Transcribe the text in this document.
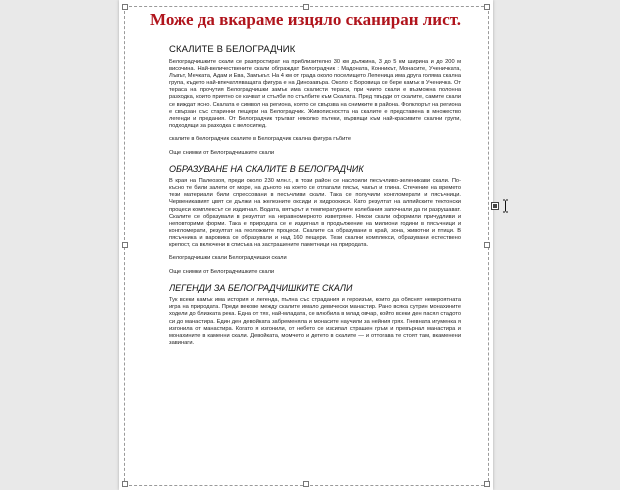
Може да вкараме изцяло сканиран лист.
СКАЛИТЕ В БЕЛОГРАДЧИК

Белоградчишките скали се разпростират на приблизително 30 км дължина, 3 до 5 км ширина и до 200 м височина. Най-величествените скали обграждат Белоградчик : Мадоната, Конникът, Монасите, Ученичката, Лъвът, Мечката, Адам и Ева, Замъкът. На 4 км от града около поселището Лепеница има друга голяма скална група, където най-впечатляващата фигура е на Динозавъра. Около с Боровица се бере камък в Ученичка. От тераса на прочутия Белоградчишки замък има скалисти тераси, при чиито скали е възможна полонна разходка, които приятно се качват и стълби по стълбите към Скалата. Пред твърди от скалите, самите скали се виждат ясно. Скалата е символ на региона, която се свързва на снимките в района. Фолклорът на региона е свързан със старинни пещери на Белоградчик. Живописността на скалите е представена в множество легенди и предания. От Белоградчик тръгват няколко пътеки, вървящи към най-красивите скални групи, подходящи за разходка с велосипед.

скалите в белоградчик скалите в Белоградчик скална фигура гъбите

Още снимки от Белоградчишките скали

ОБРАЗУВАНЕ НА СКАЛИТЕ В БЕЛОГРАДЧИК

В края на Палеозоя, преди около 230 млн.г., в този район се наслоили песъчливо-зеленикави скали. По-късно те били залети от море, на дъното на което се отлагали пясък, чакъл и глина. Стечение на времето тези материали били спрессовани в песъчливи скали. Така се получили конгломерати и пясъчници. Червеникавият цвят се дължи на железните оксиди и хидроокиси. Като резултат на алпийските тектонски процеси комплексът се издигнал. Водата, вятърът и температурните колебания започнали да ги разрушават. Скалите се образували в резултат на неравномерното изветряне. Някои скали оформили причудливи и неповторими форми. Така е природата се е издигнал в продължение на милиони години в пясъчници и конгломерати, резултат на геоложките процеси. Скалите са образувани в край, зона, животни и птици. В пясъчника и варовика се образували и над 160 пещери. Тези скални комплекси, образувани естествено крепост, са включени в списъка на застрашените паметници на природата.

Белоградчишки скали Белоградчишки скали

Още снимки от Белоградчишките скали

ЛЕГЕНДИ ЗА БЕЛОГРАДЧИШКИТЕ СКАЛИ

Тук всеки камък има история и легенда, пълна със страдания и героизъм, които да обяснят невероятната игра на природата. Преди векове между скалите имало девически манастир. Рано всяка сутрин монахините ходели до близката река. Една от тях, най-младата, се влюбила в млад овчар, който всеки ден пасял стадото си до манастира. Един ден девойката забременяла и монасите научили за нейния грях. Гневната игуменка я изгонила от манастира. Когато я изгонили, от небето се изсипал страшен гръм и превърнал манастира и монахините в каменни скали. Девойката, момчето и детето в скалите — и оттогава те стоят там, вкаменени завинаги.
